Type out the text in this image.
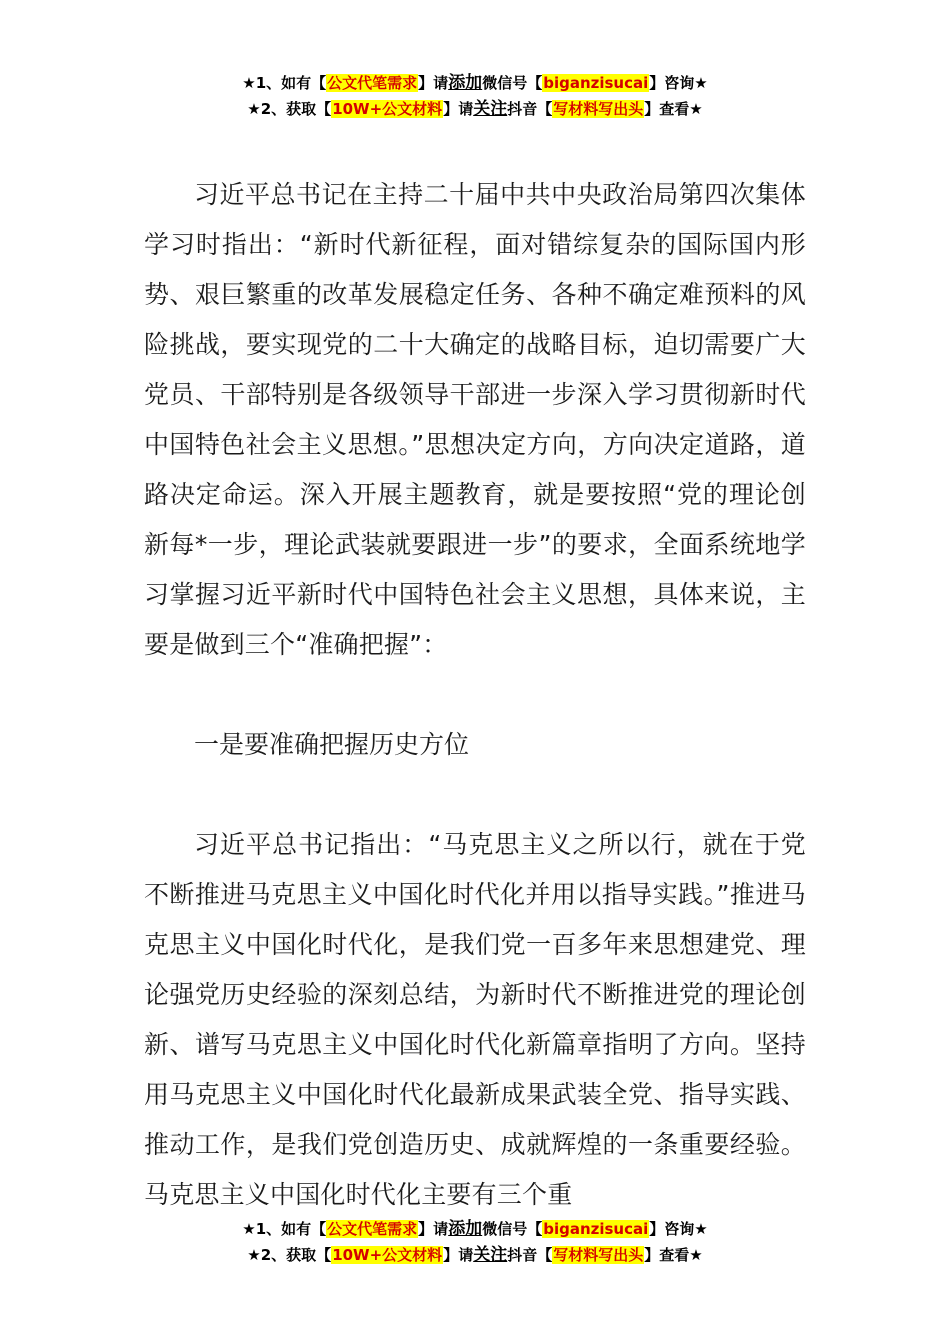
★1、如有【公文代笔需求】请添加微信号【biganzisucai】咨询★
★2、获取【10W+公文材料】请关注抖音【写材料写出头】查看★

习近平总书记在主持二十届中共中央政治局第四次集体学习时指出：“新时代新征程，面对错综复杂的国际国内形势、艰巨繁重的改革发展稳定任务、各种不确定难预料的风险挑战，要实现党的二十大确定的战略目标，迫切需要广大党员、干部特别是各级领导干部进一步深入学习贯彻新时代中国特色社会主义思想。”思想决定方向，方向决定道路，道路决定命运。深入开展主题教育，就是要按照“党的理论创新每*一步，理论武装就要跟进一步”的要求，全面系统地学习掌握习近平新时代中国特色社会主义思想，具体来说，主要是做到三个“准确把握”：

一是要准确把握历史方位

习近平总书记指出：“马克思主义之所以行，就在于党不断推进马克思主义中国化时代化并用以指导实践。”推进马克思主义中国化时代化，是我们党一百多年来思想建党、理论强党历史经验的深刻总结，为新时代不断推进党的理论创新、谱写马克思主义中国化时代化新篇章指明了方向。坚持用马克思主义中国化时代化最新成果武装全党、指导实践、推动工作，是我们党创造历史、成就辉煌的一条重要经验。马克思主义中国化时代化主要有三个重

★1、如有【公文代笔需求】请添加微信号【biganzisucai】咨询★
★2、获取【10W+公文材料】请关注抖音【写材料写出头】查看★
